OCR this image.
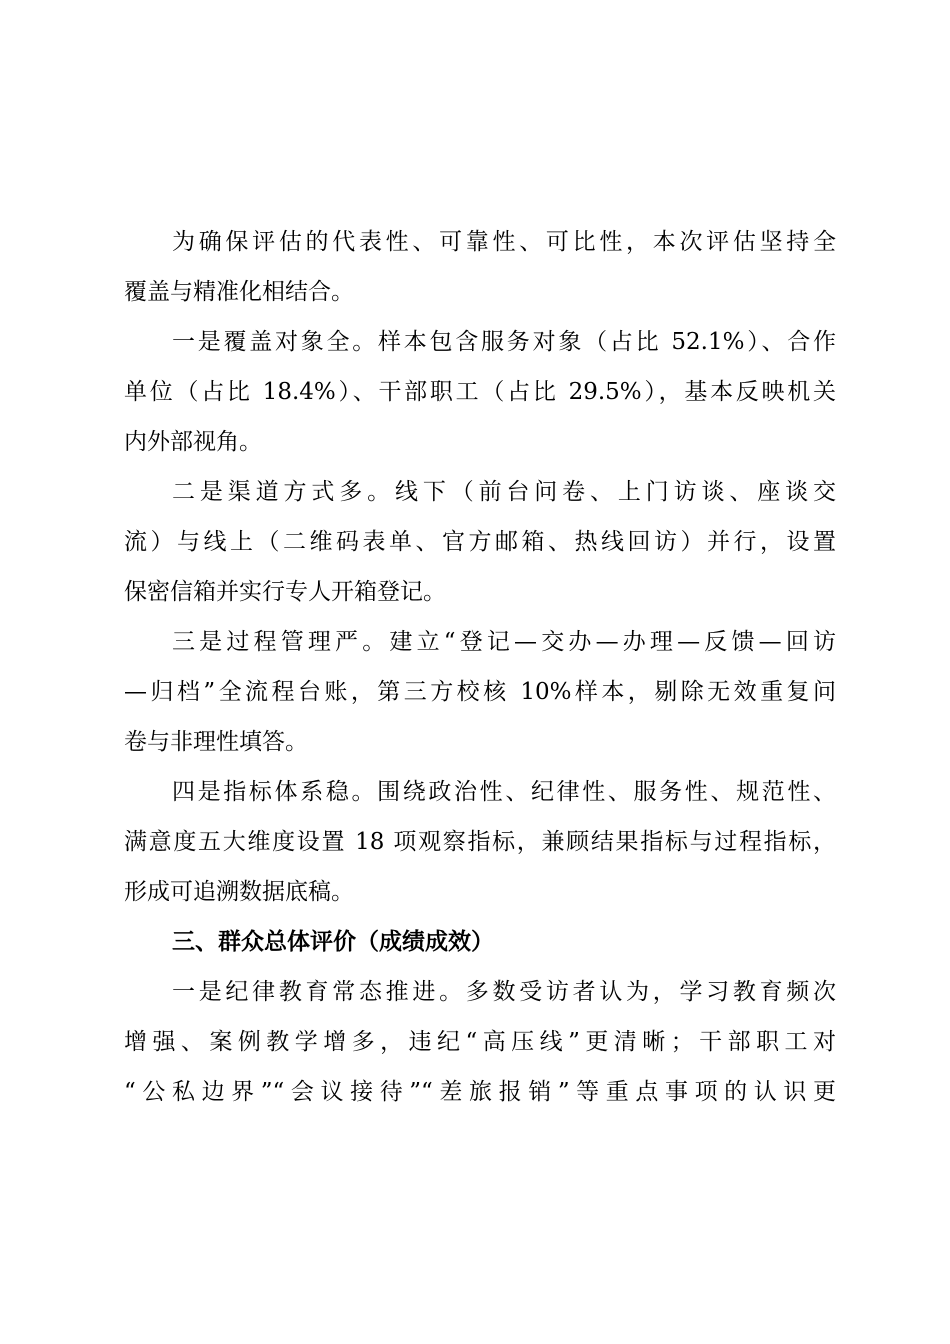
为确保评估的代表性、可靠性、可比性，本次评估坚持全
覆盖与精准化相结合。
一是覆盖对象全。样本包含服务对象（占比 52.1%）、合作
单位（占比 18.4%）、干部职工（占比 29.5%），基本反映机关
内外部视角。
二是渠道方式多。线下（前台问卷、上门访谈、座谈交
流）与线上（二维码表单、官方邮箱、热线回访）并行，设置
保密信箱并实行专人开箱登记。
三是过程管理严。建立“登记—交办—办理—反馈—回访
—归档”全流程台账，第三方校核 10%样本，剔除无效重复问
卷与非理性填答。
四是指标体系稳。围绕政治性、纪律性、服务性、规范性、
满意度五大维度设置 18 项观察指标，兼顾结果指标与过程指标，
形成可追溯数据底稿。
三、群众总体评价（成绩成效）
一是纪律教育常态推进。多数受访者认为，学习教育频次
增强、案例教学增多，违纪“高压线”更清晰；干部职工对
“公私边界”“会议接待”“差旅报销”等重点事项的认识更
